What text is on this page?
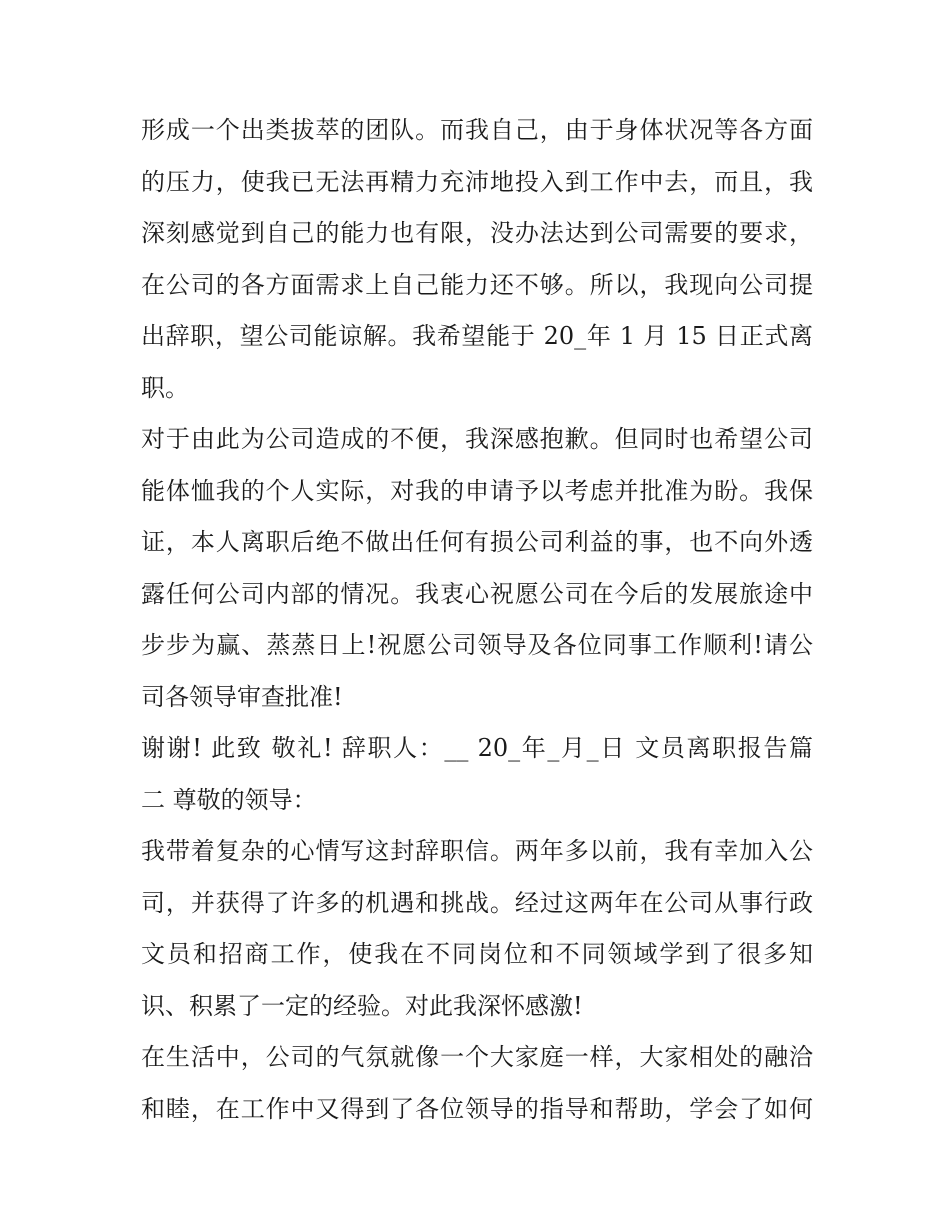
形成一个出类拔萃的团队。而我自己，由于身体状况等各方面
的压力，使我已无法再精力充沛地投入到工作中去，而且，我
深刻感觉到自己的能力也有限，没办法达到公司需要的要求，
在公司的各方面需求上自己能力还不够。所以，我现向公司提
出辞职，望公司能谅解。我希望能于 20_年 1 月 15 日正式离
职。
对于由此为公司造成的不便，我深感抱歉。但同时也希望公司
能体恤我的个人实际，对我的申请予以考虑并批准为盼。我保
证，本人离职后绝不做出任何有损公司利益的事，也不向外透
露任何公司内部的情况。我衷心祝愿公司在今后的发展旅途中
步步为赢、蒸蒸日上!祝愿公司领导及各位同事工作顺利!请公
司各领导审查批准!
谢谢! 此致 敬礼! 辞职人：__ 20_年_月_日 文员离职报告篇
二 尊敬的领导：
我带着复杂的心情写这封辞职信。两年多以前，我有幸加入公
司，并获得了许多的机遇和挑战。经过这两年在公司从事行政
文员和招商工作，使我在不同岗位和不同领域学到了很多知
识、积累了一定的经验。对此我深怀感激!
在生活中，公司的气氛就像一个大家庭一样，大家相处的融洽
和睦，在工作中又得到了各位领导的指导和帮助，学会了如何
